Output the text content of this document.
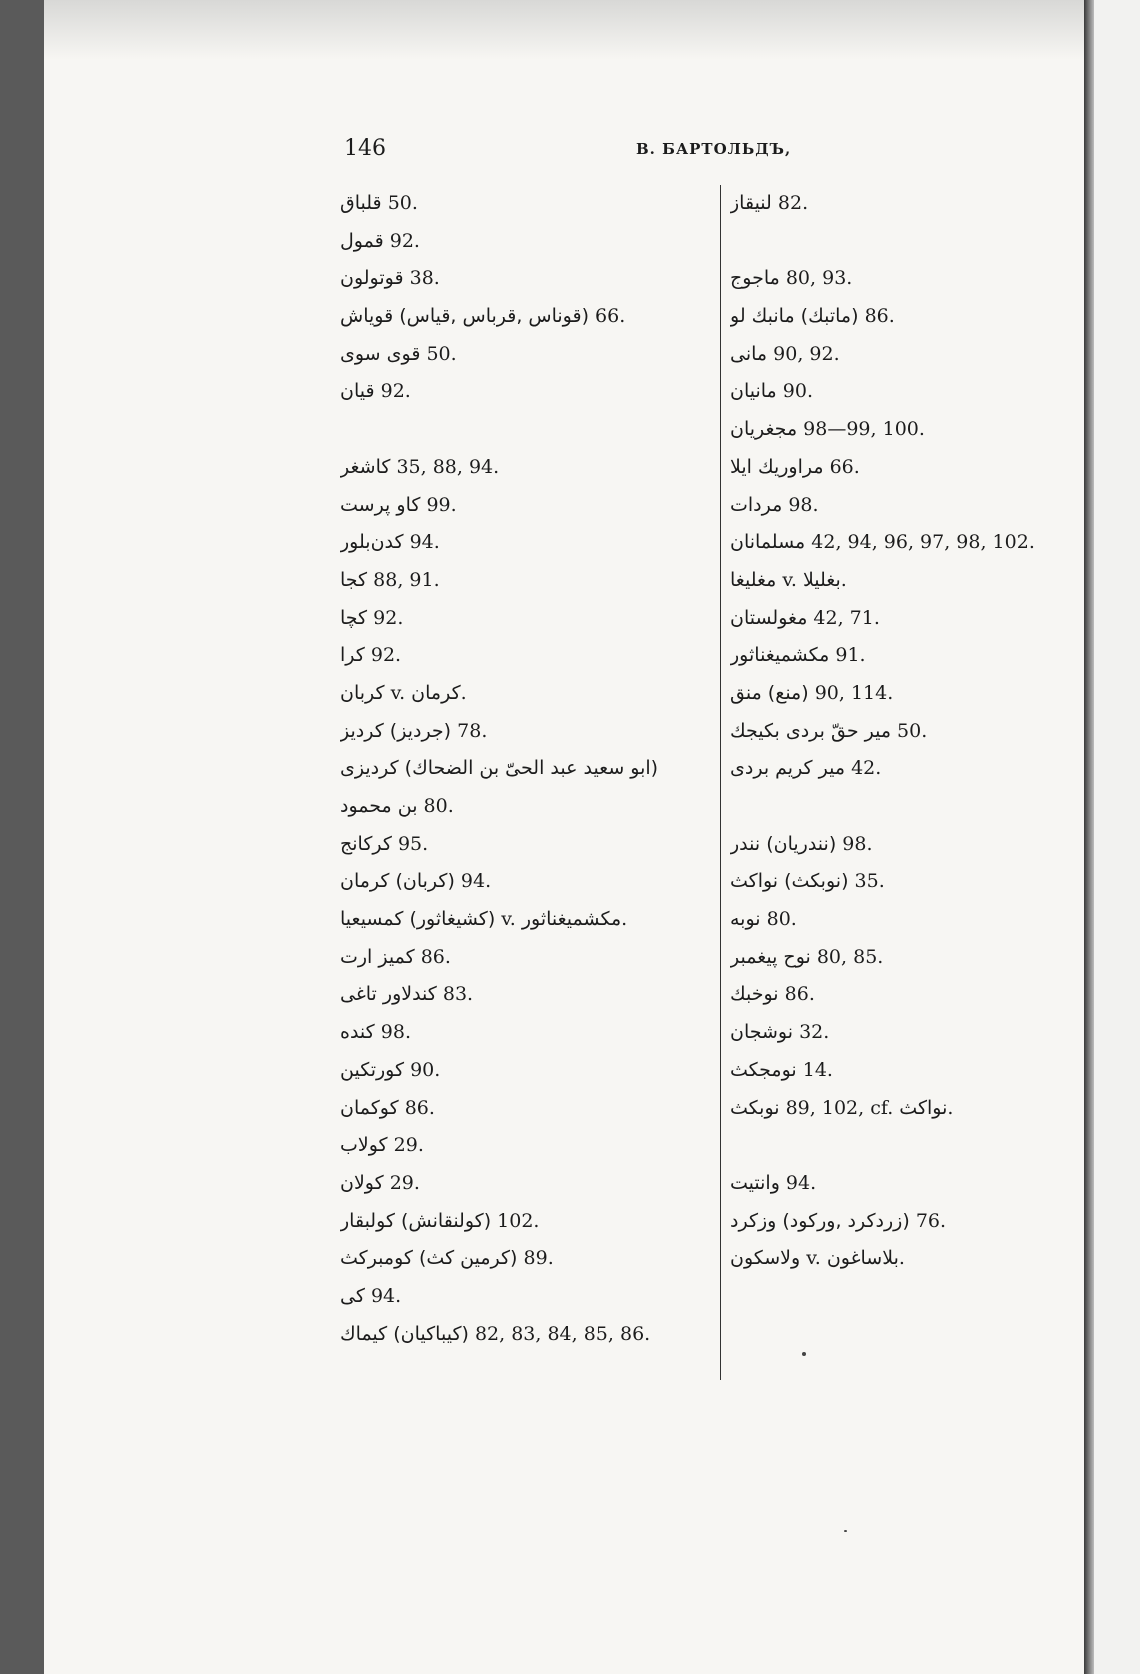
146	В. БАРТОЛЬДЪ,
قلباق 50.
قمول 92.
قوتولون 38.
(قوناس ,قرباس ,قیاس) قویاش 66.
قوی سوی 50.
قیان 92.
کاشغر 35, 88, 94.
کاو پرست 99.
کدن‌بلور 94.
کجا 88, 91.
کچا 92.
کرا 92.
کربان v. کرمان.
(جردیز) کردیز 78.
(ابو سعید عبد الحیّ بن الضحاك) کردیزی
بن محمود 80.
کرکانج 95.
(کربان) کرمان 94.
(کشیغاثور) کمسیعیا v. مکشمیغناثور.
کمیز ارت 86.
کندلاور تاغی 83.
کنده 98.
کورتکین 90.
کوکمان 86.
کولاب 29.
کولان 29.
(کولنقانش) کولبقار 102.
(کرمین کث) کومبرکث 89.
کی 94.
(کیباکیان) کیماك 82, 83, 84, 85, 86.
لنیقاز 82.
ماجوج 80, 93.
(ماتبك) مانبك لو 86.
مانی 90, 92.
مانیان 90.
مجغریان 98—99, 100.
مراوریك ایلا 66.
مردات 98.
مسلمانان 42, 94, 96, 97, 98, 102.
مغلیغا v. بغلیلا.
مغولستان 42, 71.
مکشمیغناثور 91.
(منع) منق 90, 114.
میر حقّ بردی بکیجك 50.
میر کریم بردی 42.
(نندریان) نندر 98.
(نوبکث) نواکث 35.
نوبه 80.
نوح پیغمبر 80, 85.
نوخبك 86.
نوشجان 32.
نومجکث 14.
نوبکث 89, 102, cf. نواکث.
وانتیت 94.
(زردکرد ,ورکود) وزکرد 76.
ولاسکون v. بلاساغون.
